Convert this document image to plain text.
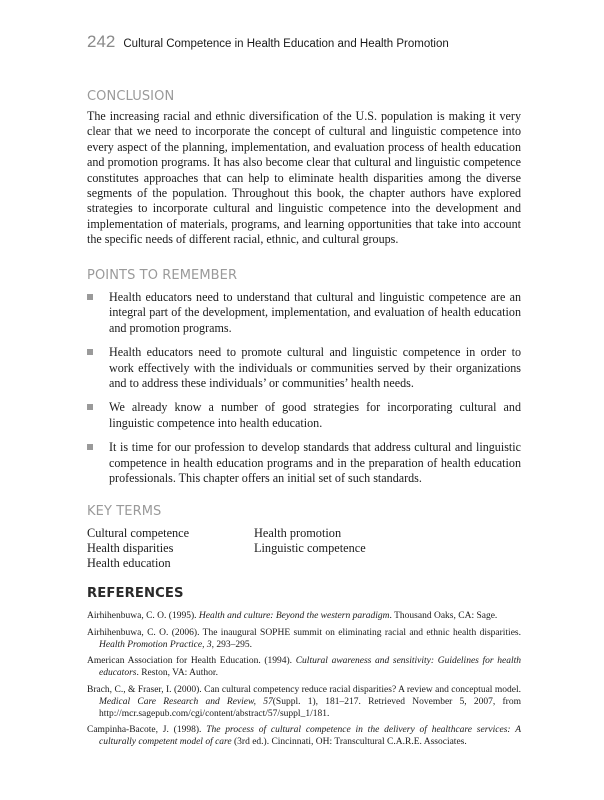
242 Cultural Competence in Health Education and Health Promotion
CONCLUSION
The increasing racial and ethnic diversification of the U.S. population is making it very clear that we need to incorporate the concept of cultural and linguistic competence into every aspect of the planning, implementation, and evaluation process of health education and promotion programs. It has also become clear that cultural and linguistic competence constitutes approaches that can help to eliminate health disparities among the diverse segments of the population. Throughout this book, the chapter authors have explored strategies to incorporate cultural and linguistic competence into the development and implementation of materials, programs, and learning opportunities that take into account the specific needs of different racial, ethnic, and cultural groups.
POINTS TO REMEMBER
Health educators need to understand that cultural and linguistic competence are an integral part of the development, implementation, and evaluation of health education and promotion programs.
Health educators need to promote cultural and linguistic competence in order to work effectively with the individuals or communities served by their organizations and to address these individuals’ or communities’ health needs.
We already know a number of good strategies for incorporating cultural and linguistic competence into health education.
It is time for our profession to develop standards that address cultural and linguistic competence in health education programs and in the preparation of health education professionals. This chapter offers an initial set of such standards.
KEY TERMS
Cultural competence
Health disparities
Health education
Health promotion
Linguistic competence
REFERENCES
Airhihenbuwa, C. O. (1995). Health and culture: Beyond the western paradigm. Thousand Oaks, CA: Sage.
Airhihenbuwa, C. O. (2006). The inaugural SOPHE summit on eliminating racial and ethnic health disparities. Health Promotion Practice, 3, 293–295.
American Association for Health Education. (1994). Cultural awareness and sensitivity: Guidelines for health educators. Reston, VA: Author.
Brach, C., & Fraser, I. (2000). Can cultural competency reduce racial disparities? A review and conceptual model. Medical Care Research and Review, 57(Suppl. 1), 181–217. Retrieved November 5, 2007, from http://mcr.sagepub.com/cgi/content/abstract/57/suppl_1/181.
Campinha-Bacote, J. (1998). The process of cultural competence in the delivery of healthcare services: A culturally competent model of care (3rd ed.). Cincinnati, OH: Transcultural C.A.R.E. Associates.
